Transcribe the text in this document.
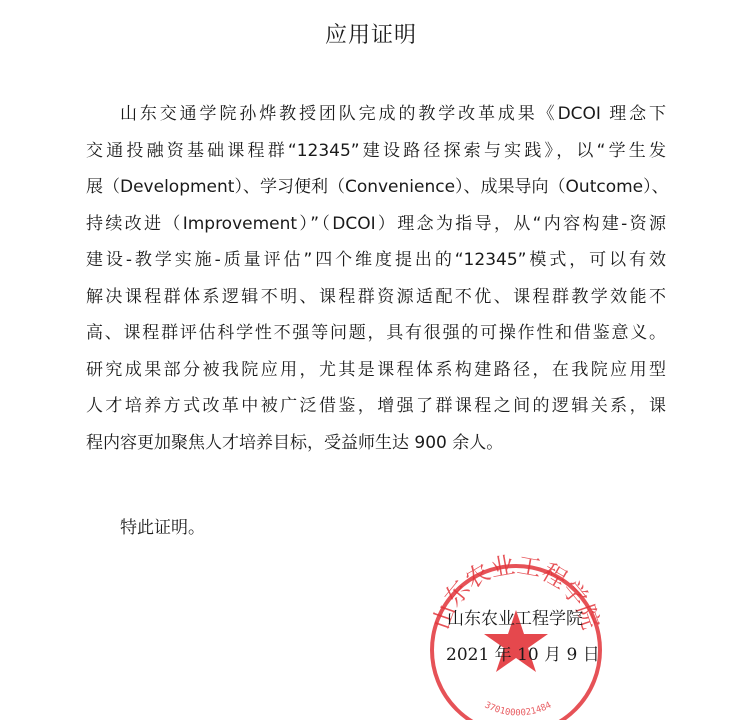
应用证明
山东交通学院孙烨教授团队完成的教学改革成果《DCOI 理念下
交通投融资基础课程群“12345”建设路径探索与实践》，以“学生发
展（Development）、学习便利（Convenience）、成果导向（Outcome）、
持续改进（Improvement）”（DCOI）理念为指导，从“内容构建-资源
建设-教学实施-质量评估”四个维度提出的“12345”模式，可以有效
解决课程群体系逻辑不明、课程群资源适配不优、课程群教学效能不
高、课程群评估科学性不强等问题，具有很强的可操作性和借鉴意义。
研究成果部分被我院应用，尤其是课程体系构建路径，在我院应用型
人才培养方式改革中被广泛借鉴，增强了群课程之间的逻辑关系，课
程内容更加聚焦人才培养目标，受益师生达 900 余人。
特此证明。
山东农业工程学院
3701000021484
山东农业工程学院
2021 年 10 月 9 日
